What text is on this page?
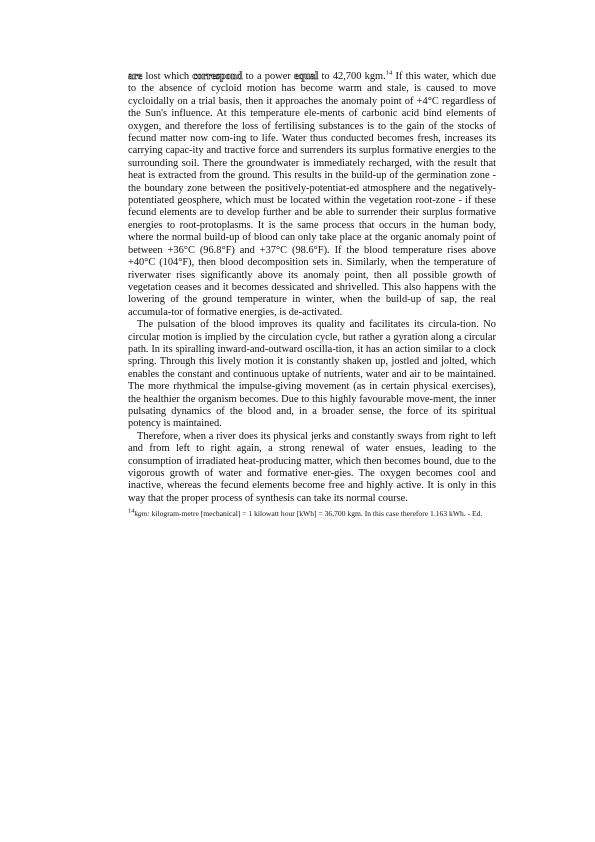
are lost which correspond to a power equal to 42,700 kgm.$^{14}$ If this water, which due to the absence of cycloid motion has become warm and stale, is caused to move cycloidally on a trial basis, then it approaches the anomaly point of +4°C regardless of the Sun's influence. At this temperature ele-ments of carbonic acid bind elements of oxygen, and therefore the loss of fertilising substances is to the gain of the stocks of fecund matter now com-ing to life. Water thus conducted becomes fresh, increases its carrying capac-ity and tractive force and surrenders its surplus formative energies to the surrounding soil. There the groundwater is immediately recharged, with the result that heat is extracted from the ground. This results in the build-up of the germination zone - the boundary zone between the positively-potentiat-ed atmosphere and the negatively-potentiated geosphere, which must be located within the vegetation root-zone - if these fecund elements are to develop further and be able to surrender their surplus formative energies to root-protoplasms. It is the same process that occurs in the human body, where the normal build-up of blood can only take place at the organic anomaly point of between +36°C (96.8°F) and +37°C (98.6°F). If the blood temperature rises above +40°C (104°F), then blood decomposition sets in. Similarly, when the temperature of riverwater rises significantly above its anomaly point, then all possible growth of vegetation ceases and it becomes dessicated and shrivelled. This also happens with the lowering of the ground temperature in winter, when the build-up of sap, the real accumula-tor of formative energies, is de-activated.

The pulsation of the blood improves its quality and facilitates its circula-tion. No circular motion is implied by the circulation cycle, but rather a gyration along a circular path. In its spiralling inward-and-outward oscilla-tion, it has an action similar to a clock spring. Through this lively motion it is constantly shaken up, jostled and jolted, which enables the constant and continuous uptake of nutrients, water and air to be maintained. The more rhythmical the impulse-giving movement (as in certain physical exercises), the healthier the organism becomes. Due to this highly favourable move-ment, the inner pulsating dynamics of the blood and, in a broader sense, the force of its spiritual potency is maintained.

Therefore, when a river does its physical jerks and constantly sways from right to left and from left to right again, a strong renewal of water ensues, leading to the consumption of irradiated heat-producing matter, which then becomes bound, due to the vigorous growth of water and formative ener-gies. The oxygen becomes cool and inactive, whereas the fecund elements become free and highly active. It is only in this way that the proper process of synthesis can take its normal course.

$^{14}$kgm: kilogram-metre [mechanical] = 1 kilowatt hour [kWh] = 36,700 kgm. In this case therefore 1.163 kWh. - Ed.
